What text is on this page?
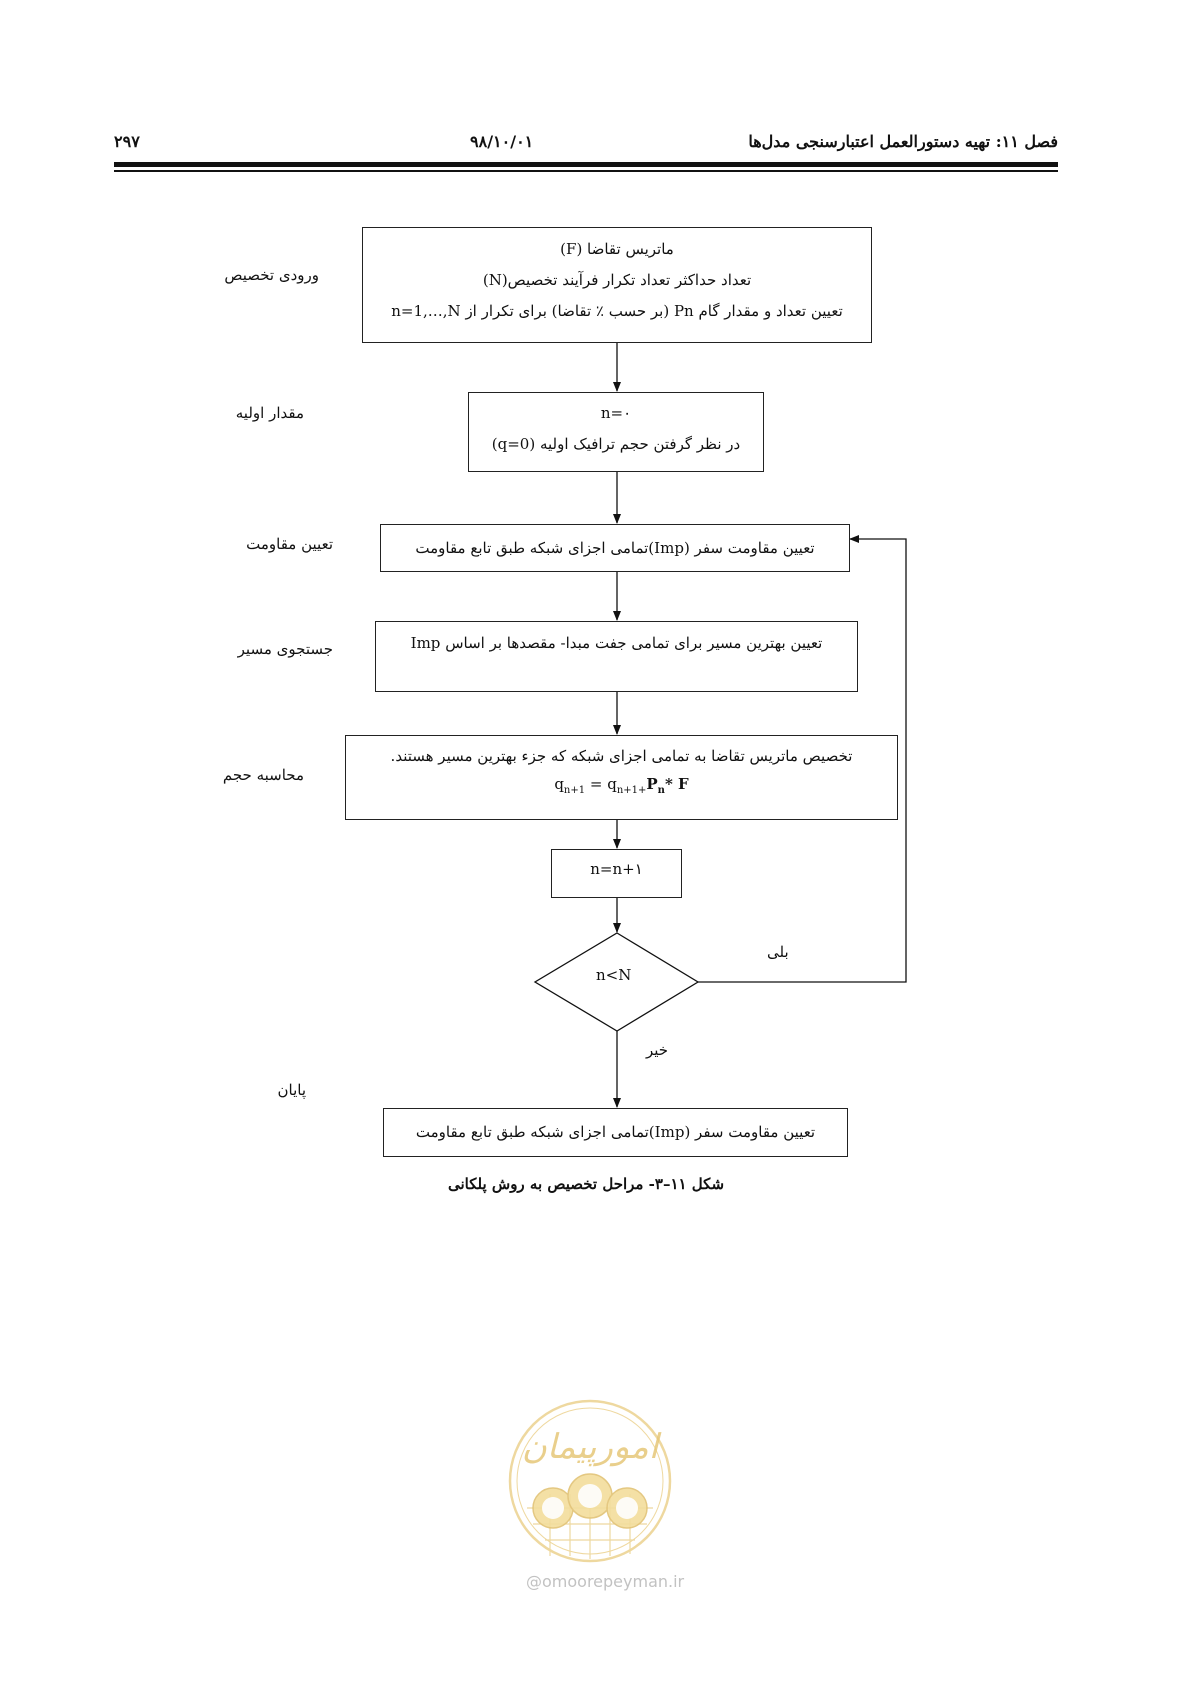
۲۹۷	۹۸/۱۰/۰۱	فصل ۱۱: تهیه دستورالعمل اعتبارسنجی مدل‌ها
ماتریس تقاضا (F)
تعداد حداکثر تعداد تکرار فرآیند تخصیص(N)
تعیین تعداد و مقدار گام Pn (بر حسب ٪ تقاضا) برای تکرار از n=1,…,N
n=۰
در نظر گرفتن حجم ترافیک اولیه (q=0)
تعیین مقاومت سفر (Imp)تمامی اجزای شبکه طبق تابع مقاومت
تعیین بهترین مسیر برای تمامی جفت مبدا- مقصدها بر اساس Imp
تخصیص ماتریس تقاضا به تمامی اجزای شبکه که جزء بهترین مسیر هستند.
$q_{n+1} = q_{n+1+}P_n*$ F
n=n+۱
n<N
بلی
خیر
تعیین مقاومت سفر (Imp)تمامی اجزای شبکه طبق تابع مقاومت
ورودی تخصیص
مقدار اولیه
تعیین مقاومت
جستجوی مسیر
محاسبه حجم
پایان
شکل ۱۱–۳- مراحل تخصیص به روش پلکانی
امورپیمان
@omoorepeyman.ir
